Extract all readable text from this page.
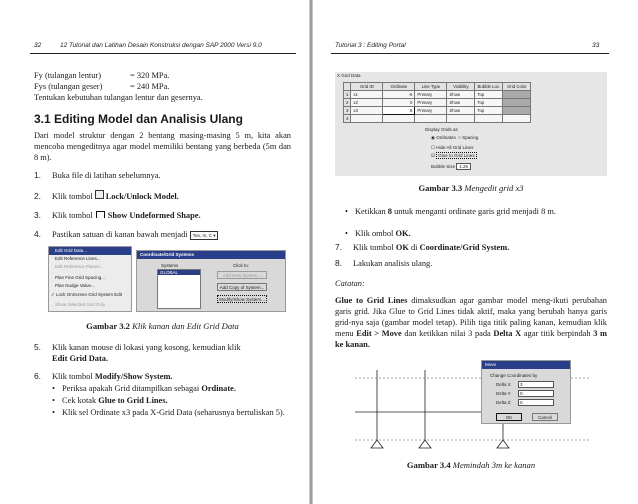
32	12 Tutorial dan Latihan Desain Konstruksi dengan SAP 2000 Versi 9.0
Fy (tulangan lentur)	= 320 MPa.
Fys (tulangan geser)	= 240 MPa.
Tentukan kebutuhan tulangan lentur dan gesernya.
3.1 Editing Model dan Analisis Ulang
Dari model struktur dengan 2 bentang masing-masing 5 m, kita akan mencoba mengeditnya agar model memiliki bentang yang berbeda (5m dan 8 m).
1.	Buka file di latihan sebelumnya.
2.	Klik tombol Lock/Unlock Model.
3.	Klik tombol Show Undeformed Shape.
4.	Pastikan satuan di kanan bawah menjadi
	Ton, m, C ▾
Edit Grid Data...
Edit Reference Lines...
Edit Reference Planes...
Plan Fine Grid Spacing...
Plan Nudge Value...
✓ Lock OnScreen Grid System Edit
Show Selected Grid Only
Coordinate/Grid Systems
Systems
GLOBAL
Click to:
Add New System...
Add Copy of System...
Modify/Show System...
Gambar 3.2 Klik kanan dan Edit Grid Data
5. Klik kanan mouse di lokasi yang kosong, kemudian klik
Edit Grid Data.
6.	Klik tombol
Modify/Show System.
• Periksa apakah Grid ditampilkan sebagai Ordinate.
• Cek kotak Glue to Grid Lines.
• Klik sel Ordinate x3 pada X-Grid Data (seharusnya bertuliskan 5).
Tutorial 3 : Editing Portal	33
X Grid Data
	Grid ID	Ordinate	Line Type	Visibility	Bubble Loc.	Grid Color
1	x1	-5	Primary	Show	Top	
2	x2	0	Primary	Show	Top	
3	x3	8	Primary	Show	Top	
4						
Display Grids as
◉ Ordinates  ○ Spacing
☐ Hide All Grid Lines
☑ Glue to Grid Lines
Bubble Size 1.25
Gambar 3.3 Mengedit grid x3
• Ketikkan 8 untuk menganti ordinate garis grid menjadi 8 m.
• Klik ombol OK.
7.	Klik tombol
OK
di
Coordinate/Grid System.
8.	Lakukan analisis ulang.
Catatan:
Glue to Grid Lines dimaksudkan agar gambar model meng-ikuti perubahan garis grid. Jika Glue to Grid Lines tidak aktif, maka yang berubah hanya garis grid-nya saja (gambar model tetap). Pilih tiga titik paling kanan, kemudian klik menu Edit > Move dan ketikkan nilai 3 pada Delta X agar titik berpindah 3 m ke kanan.
Move
Change Coordinates by
Delta X	3
Delta Y	0.
Delta Z	0.
OK	Cancel
Gambar 3.4 Memindah 3m ke kanan
